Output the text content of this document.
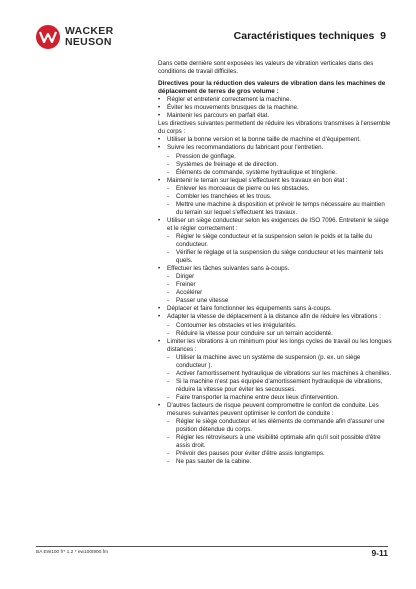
WACKER
NEUSON	Caractéristiques techniques 9

Dans cette dernière sont exposées les valeurs de vibration verticales dans des conditions de travail difficiles.

Directives pour la réduction des valeurs de vibration dans les machines de déplacement de terres de gros volume :

• Régler et entretenir correctement la machine.
• Éviter les mouvements brusques de la machine.
• Maintenir les parcours en parfait état.

Les directives suivantes permettent de réduire les vibrations transmises à l'ensemble du corps :

• Utiliser la bonne version et la bonne taille de machine et d'équipement.
• Suivre les recommandations du fabricant pour l'entretien.
- Pression de gonflage.
- Systèmes de freinage et de direction.
- Éléments de commande, système hydraulique et tringlerie.
• Maintenir le terrain sur lequel s'effectuent les travaux en bon état :
- Enlever les morceaux de pierre ou les obstacles.
- Combler les tranchées et les trous.
- Mettre une machine à disposition et prévoir le temps nécessaire au maintien du terrain sur lequel s'effectuent les travaux.
• Utiliser un siège conducteur selon les exigences de ISO 7096. Entretenir le siège et le régler correctement :
- Régler le siège conducteur et la suspension selon le poids et la taille du conducteur.
- Vérifier le réglage et la suspension du siège conducteur et les maintenir tels quels.
• Effectuer les tâches suivantes sans à-coups.
- Diriger
- Freiner
- Accélérer
- Passer une vitesse
• Déplacer et faire fonctionner les équipements sans à-coups.
• Adapter la vitesse de déplacement à la distance afin de réduire les vibrations :
- Contourner les obstacles et les irrégularités.
- Réduire la vitesse pour conduire sur un terrain accidenté.
• Limiter les vibrations à un minimum pour les longs cycles de travail ou les longues distances :
- Utiliser la machine avec un système de suspension (p. ex. un siège conducteur ).
- Activer l'amortissement hydraulique de vibrations sur les machines à chenilles.
- Si la machine n'est pas équipée d'amortissement hydraulique de vibrations, réduire la vitesse pour éviter les secousses.
- Faire transporter la machine entre deux lieux d'intervention.
• D'autres facteurs de risque peuvent compromettre le confort de conduite. Les mesures suivantes peuvent optimiser le confort de conduite :
- Régler le siège conducteur et les éléments de commande afin d'assurer une position détendue du corps.
- Régler les rétroviseurs à une visibilité optimale afin qu'il soit possible d'être assis droit.
- Prévoir des pauses pour éviter d'être assis longtemps.
- Ne pas sauter de la cabine.
BA EW100 fr* 1.2 * ew100t900.fm	9-11
